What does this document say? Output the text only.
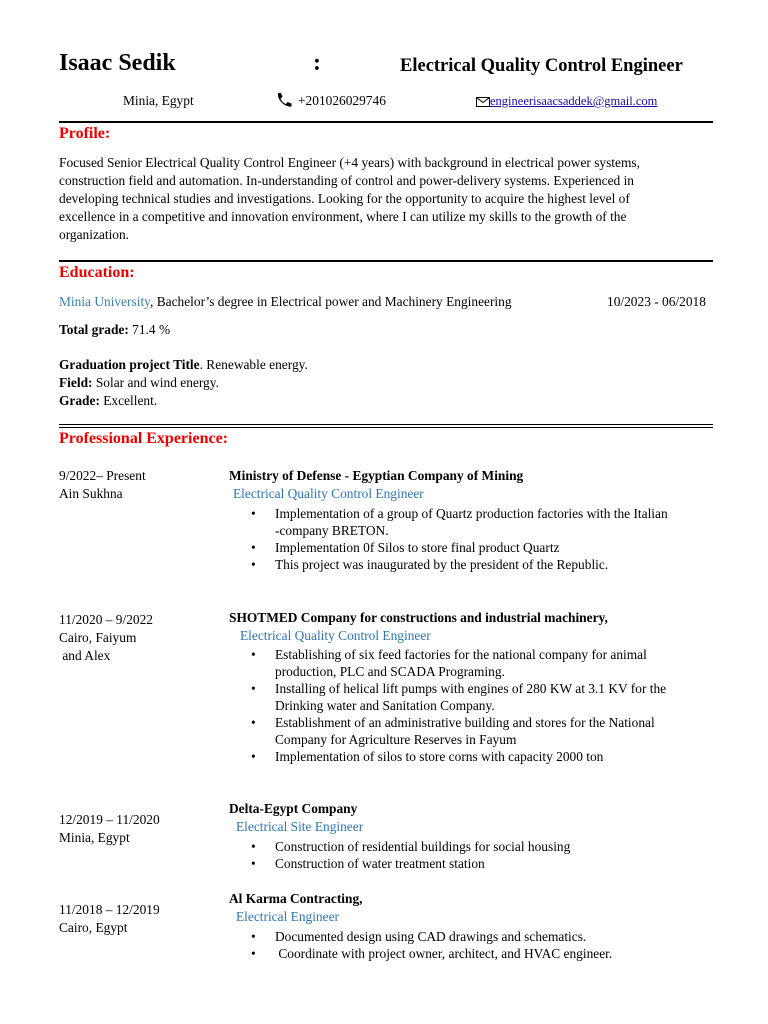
Isaac Sedik	:	Electrical Quality Control Engineer
Minia, Egypt	+201026029746	engineerisaacsaddek@gmail.com
Profile:
Focused Senior Electrical Quality Control Engineer (+4 years) with background in electrical power systems,
construction field and automation. In-understanding of control and power-delivery systems. Experienced in
developing technical studies and investigations. Looking for the opportunity to acquire the highest level of
excellence in a competitive and innovation environment, where I can utilize my skills to the growth of the
organization.
Education:
Minia University, Bachelor’s degree in Electrical power and Machinery Engineering	10/2023 - 06/2018
Total grade: 71.4 %
Graduation project Title. Renewable energy.
Field: Solar and wind energy.
Grade: Excellent.
Professional Experience:
9/2022– Present
Ain Sukhna
Ministry of Defense - Egyptian Company of Mining
Electrical Quality Control Engineer
• Implementation of a group of Quartz production factories with the Italian
-company BRETON.
• Implementation 0f Silos to store final product Quartz
• This project was inaugurated by the president of the Republic.
11/2020 – 9/2022
Cairo, Faiyum
and Alex
SHOTMED Company for constructions and industrial machinery,
Electrical Quality Control Engineer
• Establishing of six feed factories for the national company for animal
production, PLC and SCADA Programing.
• Installing of helical lift pumps with engines of 280 KW at 3.1 KV for the
Drinking water and Sanitation Company.
• Establishment of an administrative building and stores for the National
Company for Agriculture Reserves in Fayum
• Implementation of silos to store corns with capacity 2000 ton
12/2019 – 11/2020
Minia, Egypt
Delta-Egypt Company
Electrical Site Engineer
• Construction of residential buildings for social housing
• Construction of water treatment station
11/2018 – 12/2019
Cairo, Egypt
Al Karma Contracting,
Electrical Engineer
• Documented design using CAD drawings and schematics.
• Coordinate with project owner, architect, and HVAC engineer.
